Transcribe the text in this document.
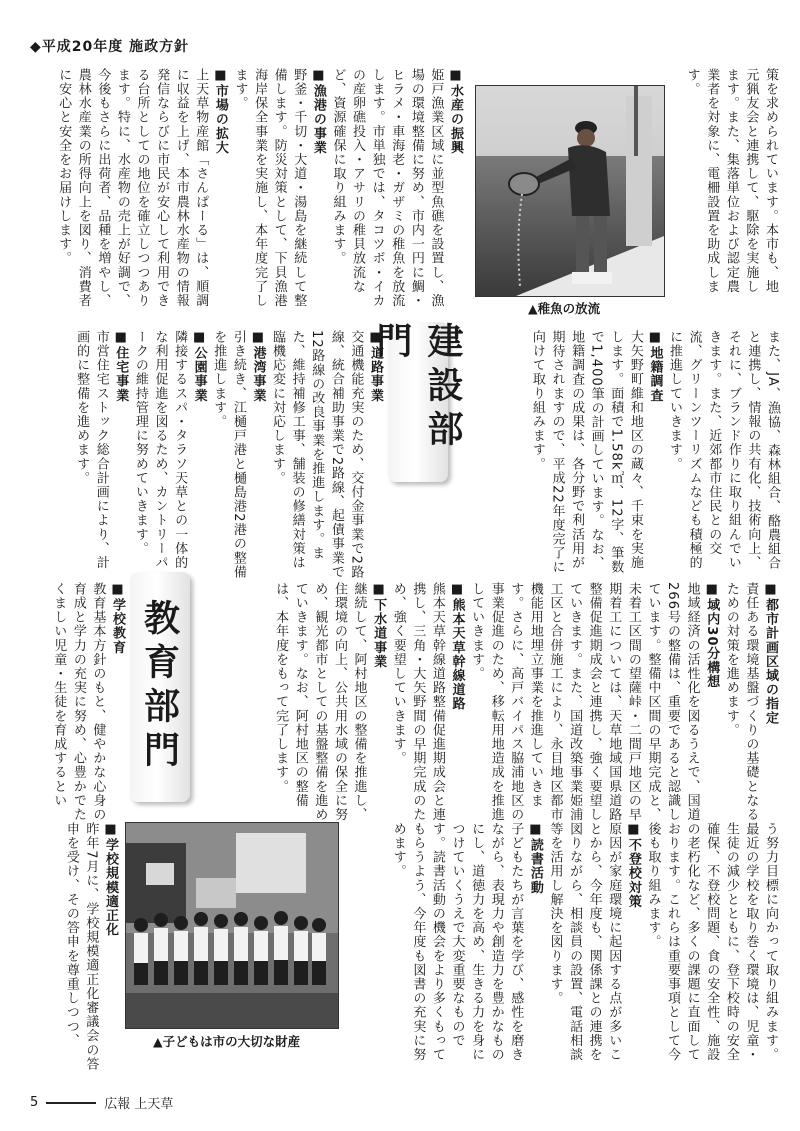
◆平成20年度 施政方針

策を求められています。本市も、地元猟友会と連携して、駆除を実施します。また、集落単位および認定農業者を対象に、電柵設置を助成します。

▲稚魚の放流
■ 水産の振興

姫戸漁業区域に並型魚礁を設置し、漁場の環境整備に努め、市内一円に鯛・ヒラメ・車海老・ガザミの稚魚を放流します。市単独では、タコツボ・イカの産卵礁投入・アサリの稚貝放流など、資源確保に取り組みます。

■ 漁港の事業

野釜・千切・大道・湯島を継続して整備します。防災対策として、下貝漁港海岸保全事業を実施し、本年度完了します。

■ 市場の拡大

上天草物産館「さんぱーる」は、順調に収益を上げ、本市農林水産物の情報発信ならびに市民が安心して利用できる台所としての地位を確立しつつあります。特に、水産物の売上が好調で、今後もさらに出荷者、品種を増やし、農林水産業の所得向上を図り、消費者に安心と安全をお届けします。

また、JA、漁協、森林組合、酪農組合と連携し、情報の共有化、技術向上、それに、ブランド作りに取り組んでいきます。また、近郊都市住民との交流、グリーンツーリズムなども積極的に推進していきます。

■ 地籍調査

大矢野町維和地区の蔵々、千束を実施します。面積で1.58k㎡、12字、筆数で1,400筆の計画しています。なお、地籍調査の成果は、各分野で利活用が期待されますので、平成22年度完了に向けて取り組みます。

建設部門
■ 道路事業

交通機能充実のため、交付金事業で2路線、統合補助事業で2路線、起債事業で12路線の改良事業を推進します。また、維持補修工事、舗装の修繕対策は臨機応変に対応します。

■ 港湾事業

引き続き、江樋戸港と樋島港2港の整備を推進します。

■ 公園事業

隣接するスパ・タラソ天草との一体的な利用促進を図るため、カントリーパークの維持管理に努めていきます。

■ 住宅事業

市営住宅ストック総合計画により、計画的に整備を進めます。

■ 都市計画区域の指定

責任ある環境基盤づくりの基礎となるための対策を進めます。

■ 域内30分構想

地域経済の活性化を図るうえで、国道266号の整備は、重要であると認識しています。整備中区間の早期完成と、未着工区間の望薩峠・二間戸地区の早期着工については、天草地域国県道路整備促進期成会と連携し、強く要望していきます。また、国道改築事業姫浦工区と合併施工により、永目地区都市機能用地埋立事業を推進していきます。さらに、高戸バイパス脇浦地区の事業促進のため、移転用地造成を推進していきます。

■ 熊本天草幹線道路

熊本天草幹線道路整備促進期成会と連携し、三角・大矢野間の早期完成のため、強く要望していきます。

■ 下水道事業

継続して、阿村地区の整備を推進し、住環境の向上、公共用水域の保全に努め、観光都市としての基盤整備を進めていきます。なお、阿村地区の整備は、本年度をもって完了します。

教育部門
■ 学校教育

教育基本方針のもと、健やかな心身の育成と学力の充実に努め、心豊かでたくましい児童・生徒を育成するとい

う努力目標に向かって取り組みます。最近の学校を取り巻く環境は、児童・生徒の減少とともに、登下校時の安全確保、不登校問題、食の安全性、施設の老朽化など、多くの課題に直面しております。これらは重要事項として今後も取り組みます。

■ 不登校対策

原因が家庭環境に起因する点が多いことから、今年度も、関係課との連携を図りながら、相談員の設置、電話相談等を活用し解決を図ります。

■ 読書活動

子どもたちが言葉を学び、感性を磨きながら、表現力や創造力を豊かなものにし、道徳力を高め、生きる力を身につけていくうえで大変重要なものです。読書活動の機会をより多くもってもらうよう、今年度も図書の充実に努めます。

▲子どもは市の大切な財産
■ 学校規模適正化

昨年7月に、学校規模適正化審議会の答申を受け、その答申を尊重しつつ、

5	広報 上天草
